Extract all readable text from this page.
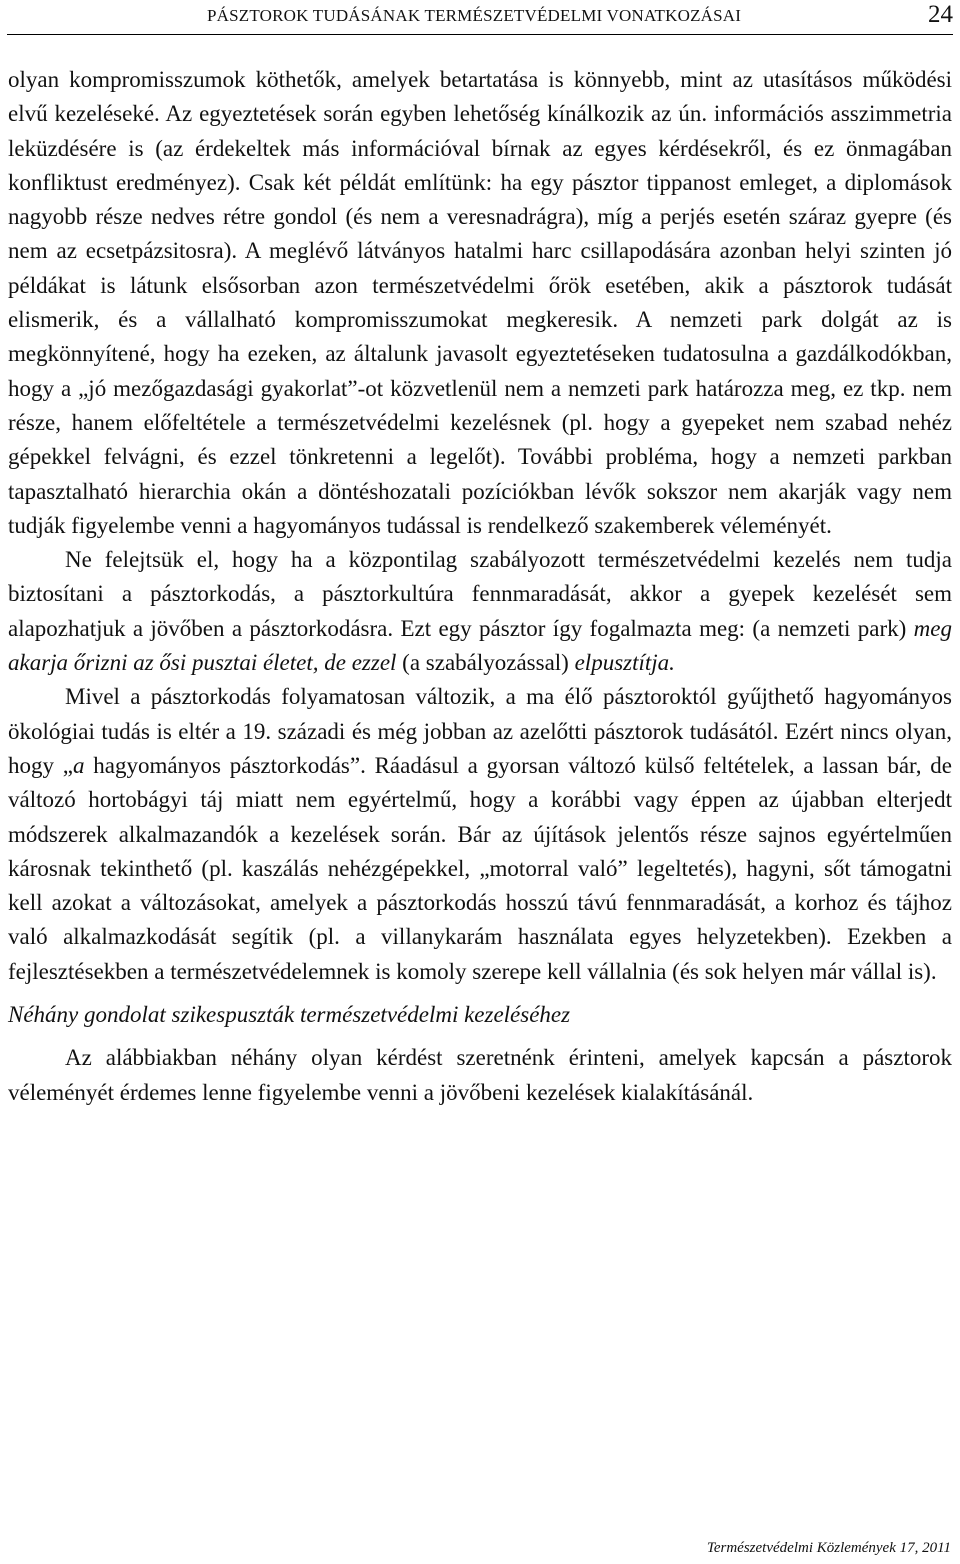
PÁSZTOROK TUDÁSÁNAK TERMÉSZETVÉDELMI VONATKOZÁSAI	24

olyan kompromisszumok köthetők, amelyek betartatása is könnyebb, mint az utasításos működési elvű kezeléseké. Az egyeztetések során egyben lehetőség kínálkozik az ún. információs asszimmetria leküzdésére is (az érdekeltek más információval bírnak az egyes kérdésekről, és ez önmagában konfliktust eredményez). Csak két példát említünk: ha egy pásztor tippanost emleget, a diplomások nagyobb része nedves rétre gondol (és nem a veresnadrágra), míg a perjés esetén száraz gyepre (és nem az ecsetpázsitosra). A meglévő látványos hatalmi harc csillapodására azonban helyi szinten jó példákat is látunk elsősorban azon természetvédelmi őrök esetében, akik a pásztorok tudását elismerik, és a vállalható kompromisszumokat megkeresik. A nemzeti park dolgát az is megkönnyítené, hogy ha ezeken, az általunk javasolt egyeztetéseken tudatosulna a gazdálkodókban, hogy a „jó mezőgazdasági gyakorlat”-ot közvetlenül nem a nemzeti park határozza meg, ez tkp. nem része, hanem előfeltétele a természetvédelmi kezelésnek (pl. hogy a gyepeket nem szabad nehéz gépekkel felvágni, és ezzel tönkretenni a legelőt). További probléma, hogy a nemzeti parkban tapasztalható hierarchia okán a döntéshozatali pozíciókban lévők sokszor nem akarják vagy nem tudják figyelembe venni a hagyományos tudással is rendelkező szakemberek véleményét.

Ne felejtsük el, hogy ha a központilag szabályozott természetvédelmi kezelés nem tudja biztosítani a pásztorkodás, a pásztorkultúra fennmaradását, akkor a gyepek kezelését sem alapozhatjuk a jövőben a pásztorkodásra. Ezt egy pásztor így fogalmazta meg: (a nemzeti park) meg akarja őrizni az ősi pusztai életet, de ezzel (a szabályozással) elpusztítja.

Mivel a pásztorkodás folyamatosan változik, a ma élő pásztoroktól gyűjthető hagyományos ökológiai tudás is eltér a 19. századi és még jobban az azelőtti pásztorok tudásától. Ezért nincs olyan, hogy „a hagyományos pásztorkodás”. Ráadásul a gyorsan változó külső feltételek, a lassan bár, de változó hortobágyi táj miatt nem egyértelmű, hogy a korábbi vagy éppen az újabban elterjedt módszerek alkalmazandók a kezelések során. Bár az újítások jelentős része sajnos egyértelműen károsnak tekinthető (pl. kaszálás nehézgépekkel, „motorral való” legeltetés), hagyni, sőt támogatni kell azokat a változásokat, amelyek a pásztorkodás hosszú távú fennmaradását, a korhoz és tájhoz való alkalmazkodását segítik (pl. a villanykarám használata egyes helyzetekben). Ezekben a fejlesztésekben a természetvédelemnek is komoly szerepe kell vállalnia (és sok helyen már vállal is).

Néhány gondolat szikespuszták természetvédelmi kezeléséhez

Az alábbiakban néhány olyan kérdést szeretnénk érinteni, amelyek kapcsán a pásztorok véleményét érdemes lenne figyelembe venni a jövőbeni kezelések kialakításánál.

Természetvédelmi Közlemények 17, 2011
